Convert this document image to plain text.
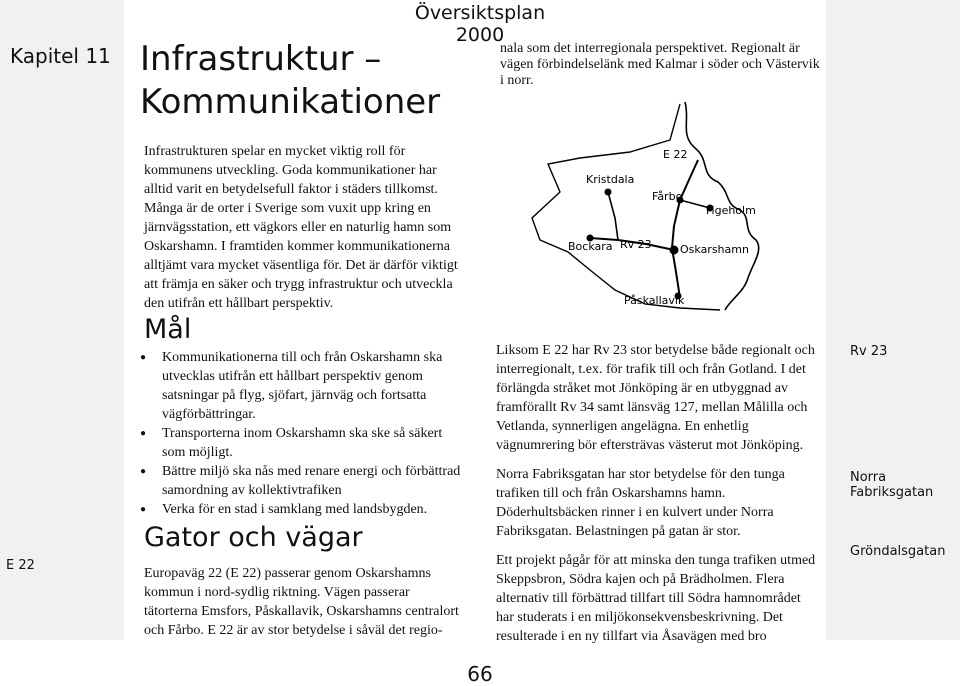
Översiktsplan 2000
Kapitel 11 Infrastruktur –
Kommunikationer

Infrastrukturen spelar en mycket viktig roll för kommunens utveckling. Goda kommunikationer har alltid varit en betydelsefull faktor i städers tillkomst. Många är de orter i Sverige som vuxit upp kring en järnvägsstation, ett vägkors eller en naturlig hamn som Oskarshamn. I framtiden kommer kommunikationerna alltjämt vara mycket väsentliga för. Det är därför viktigt att främja en säker och trygg infrastruktur och utveckla den utifrån ett hållbart perspektiv.

Mål
● Kommunikationerna till och från Oskarshamn ska utvecklas utifrån ett hållbart perspektiv genom satsningar på flyg, sjöfart, järnväg och fortsatta vägförbättringar.
● Transporterna inom Oskarshamn ska ske så säkert som möjligt.
● Bättre miljö ska nås med renare energi och förbättrad samordning av kollektivtrafiken
● Verka för en stad i samklang med landsbygden.
Gator och vägar

Europaväg 22 (E 22) passerar genom Oskarshamns kommun i nord-sydlig riktning. Vägen passerar tätorterna Emsfors, Påskallavik, Oskarshamns centralort och Fårbo. E 22 är av stor betydelse i såväl det regio-

nala som det interregionala perspektivet. Regionalt är vägen förbindelselänk med Kalmar i söder och Västervik i norr.

E 22
Kristdala
Fårbo
Figeholm
Bockara Rv 23	Oskarshamn
Påskallavik

Liksom E 22 har Rv 23 stor betydelse både regionalt och interregionalt, t.ex. för trafik till och från Gotland. I det förlängda stråket mot Jönköping är en utbyggnad av framförallt Rv 34 samt länsväg 127, mellan Målilla och Vetlanda, synnerligen angelägna. En enhetlig vägnumrering bör eftersträvas västerut mot Jönköping.

Norra Fabriksgatan har stor betydelse för den tunga trafiken till och från Oskarshamns hamn. Döderhultsbäcken rinner i en kulvert under Norra Fabriksgatan. Belastningen på gatan är stor.

Ett projekt pågår för att minska den tunga trafiken utmed Skeppsbron, Södra kajen och på Brädholmen. Flera alternativ till förbättrad tillfart till Södra hamnområdet har studerats i en miljökonsekvensbeskrivning. Det resulterade i en ny tillfart via Åsavägen med bro

E 22
Rv 23
Norra Fabriksgatan
Gröndalsgatan
66
